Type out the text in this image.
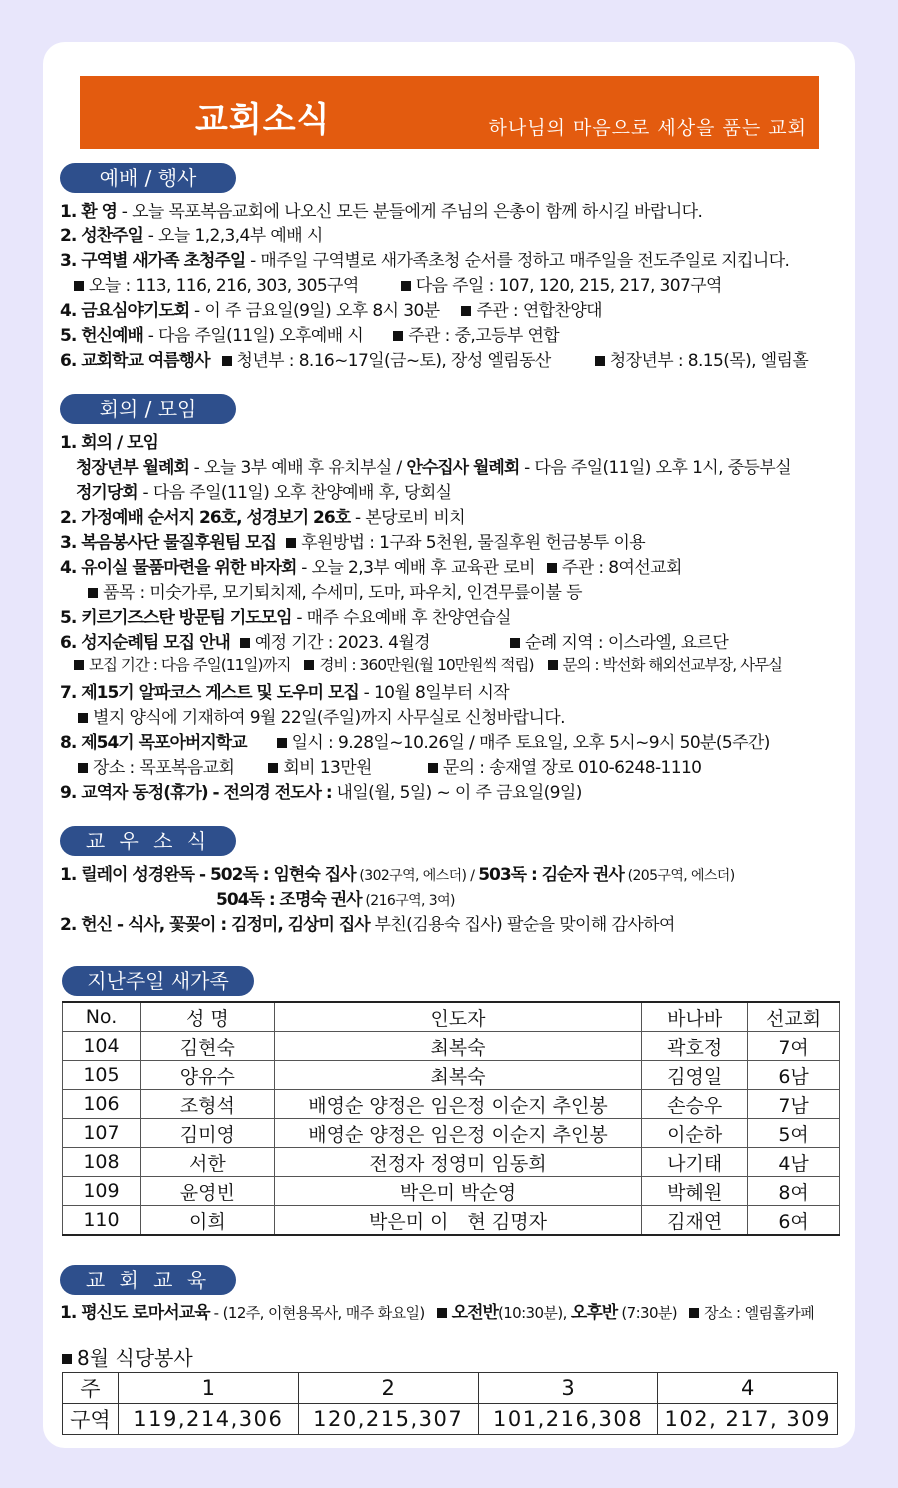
교회소식	하나님의 마음으로 세상을 품는 교회
예배 / 행사
1. 환 영 - 오늘 목포복음교회에 나오신 모든 분들에게 주님의 은총이 함께 하시길 바랍니다.
2. 성찬주일 - 오늘 1,2,3,4부 예배 시
3. 구역별 새가족 초청주일 - 매주일 구역별로 새가족초청 순서를 정하고 매주일을 전도주일로 지킵니다.
오늘 : 113, 116, 216, 303, 305구역	다음 주일 : 107, 120, 215, 217, 307구역
4. 금요심야기도회 - 이 주 금요일(9일) 오후 8시 30분 주관 : 연합찬양대
5. 헌신예배 - 다음 주일(11일) 오후예배 시	주관 : 중,고등부 연합
6. 교회학교 여름행사 청년부 : 8.16~17일(금~토), 장성 엘림동산	청장년부 : 8.15(목), 엘림홀
회의 / 모임
1. 회의 / 모임
청장년부 월례회 - 오늘 3부 예배 후 유치부실 / 안수집사 월례회 - 다음 주일(11일) 오후 1시, 중등부실
정기당회 - 다음 주일(11일) 오후 찬양예배 후, 당회실
2. 가정예배 순서지 26호, 성경보기 26호 - 본당로비 비치
3. 복음봉사단 물질후원팀 모집 후원방법 : 1구좌 5천원, 물질후원 헌금봉투 이용
4. 유이실 물품마련을 위한 바자회 - 오늘 2,3부 예배 후 교육관 로비 주관 : 8여선교회
품목 : 미숫가루, 모기퇴치제, 수세미, 도마, 파우치, 인견무릎이불 등
5. 키르기즈스탄 방문팀 기도모임 - 매주 수요예배 후 찬양연습실
6. 성지순례팀 모집 안내 예정 기간 : 2023. 4월경	순례 지역 : 이스라엘, 요르단
모집 기간 : 다음 주일(11일)까지 경비 : 360만원(월 10만원씩 적립) 문의 : 박선화 해외선교부장, 사무실
7. 제15기 알파코스 게스트 및 도우미 모집 - 10월 8일부터 시작
별지 양식에 기재하여 9월 22일(주일)까지 사무실로 신청바랍니다.
8. 제54기 목포아버지학교	일시 : 9.28일~10.26일 / 매주 토요일, 오후 5시~9시 50분(5주간)
장소 : 목포복음교회	회비 13만원	문의 : 송재열 장로 010-6248-1110
9. 교역자 동정(휴가) - 전의경 전도사 : 내일(월, 5일) ~ 이 주 금요일(9일)
교 우 소 식
1. 릴레이 성경완독 - 502독 : 임현숙 집사 (302구역, 에스더) / 503독 : 김순자 권사 (205구역, 에스더)
504독 : 조명숙 권사 (216구역, 3여)
2. 헌신 - 식사, 꽃꽂이 : 김정미, 김상미 집사 부친(김용숙 집사) 팔순을 맞이해 감사하여
지난주일 새가족
No.	성 명	인도자	바나바	선교회
104	김현숙	최복숙	곽호정	7여
105	양유수	최복숙	김영일	6남
106	조형석	배영순 양정은 임은정 이순지 추인봉	손승우	7남
107	김미영	배영순 양정은 임은정 이순지 추인봉	이순하	5여
108	서한	전정자 정영미 임동희	나기태	4남
109	윤영빈	박은미 박순영	박혜원	8여
110	이희	박은미 이　현 김명자	김재연	6여
교 회 교 육
1. 평신도 로마서교육 - (12주, 이현용목사, 매주 화요일) 오전반(10:30분), 오후반 (7:30분) 장소 : 엘림홀카페
8월 식당봉사
주	1	2	3	4
구역	119,214,306	120,215,307	101,216,308	102, 217, 309
